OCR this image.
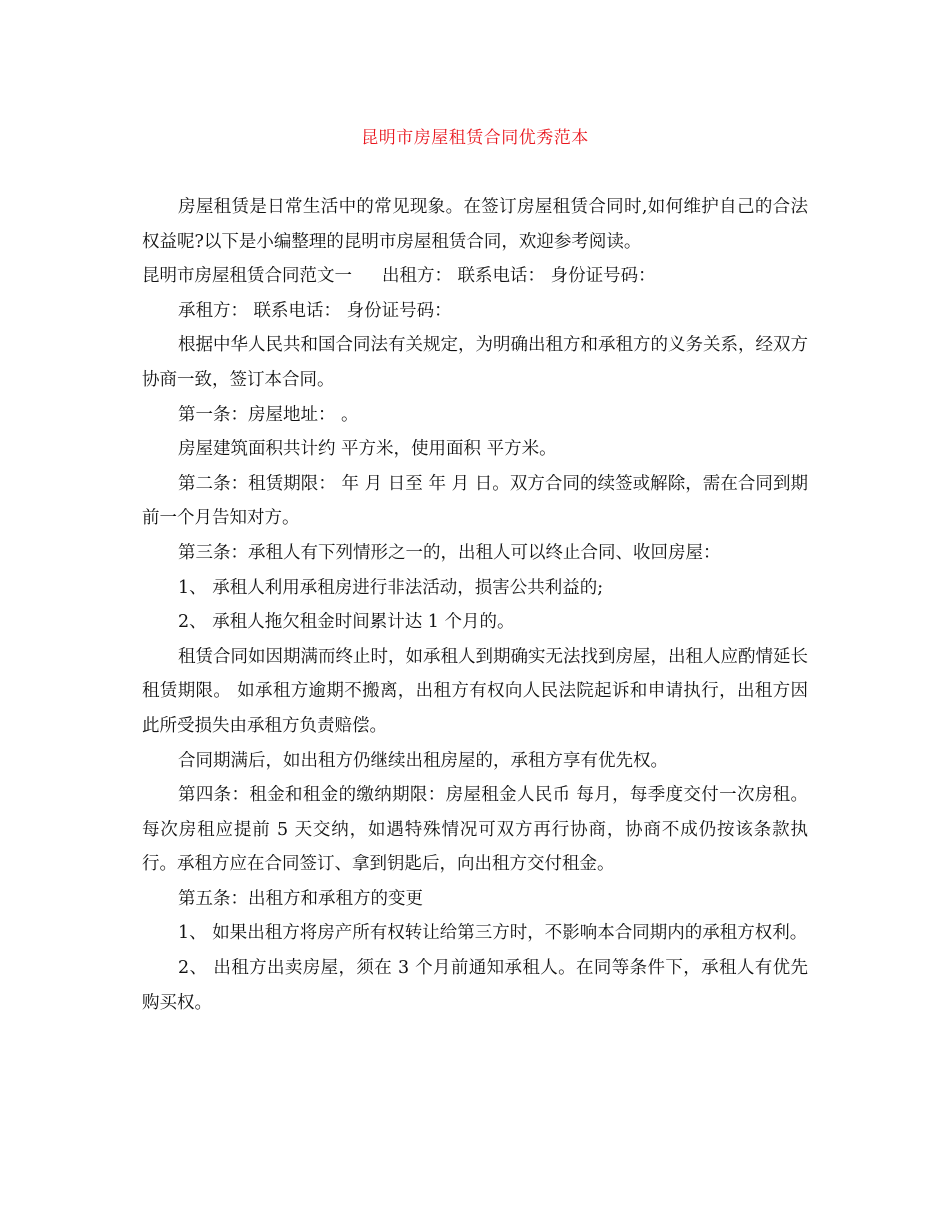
昆明市房屋租赁合同优秀范本

房屋租赁是日常生活中的常见现象。在签订房屋租赁合同时,如何维护自己的合法权益呢?以下是小编整理的昆明市房屋租赁合同，欢迎参考阅读。

昆明市房屋租赁合同范文一 出租方： 联系电话： 身份证号码：

承租方： 联系电话： 身份证号码：

根据中华人民共和国合同法有关规定，为明确出租方和承租方的义务关系，经双方协商一致，签订本合同。

第一条：房屋地址： 。

房屋建筑面积共计约 平方米，使用面积 平方米。

第二条：租赁期限： 年 月 日至 年 月 日。双方合同的续签或解除，需在合同到期前一个月告知对方。

第三条：承租人有下列情形之一的，出租人可以终止合同、收回房屋：

1、 承租人利用承租房进行非法活动，损害公共利益的;

2、 承租人拖欠租金时间累计达 1 个月的。

租赁合同如因期满而终止时，如承租人到期确实无法找到房屋，出租人应酌情延长租赁期限。 如承租方逾期不搬离，出租方有权向人民法院起诉和申请执行，出租方因此所受损失由承租方负责赔偿。

合同期满后，如出租方仍继续出租房屋的，承租方享有优先权。

第四条：租金和租金的缴纳期限：房屋租金人民币 每月，每季度交付一次房租。每次房租应提前 5 天交纳，如遇特殊情况可双方再行协商，协商不成仍按该条款执行。承租方应在合同签订、拿到钥匙后，向出租方交付租金。

第五条：出租方和承租方的变更

1、 如果出租方将房产所有权转让给第三方时，不影响本合同期内的承租方权利。

2、 出租方出卖房屋，须在 3 个月前通知承租人。在同等条件下，承租人有优先购买权。
